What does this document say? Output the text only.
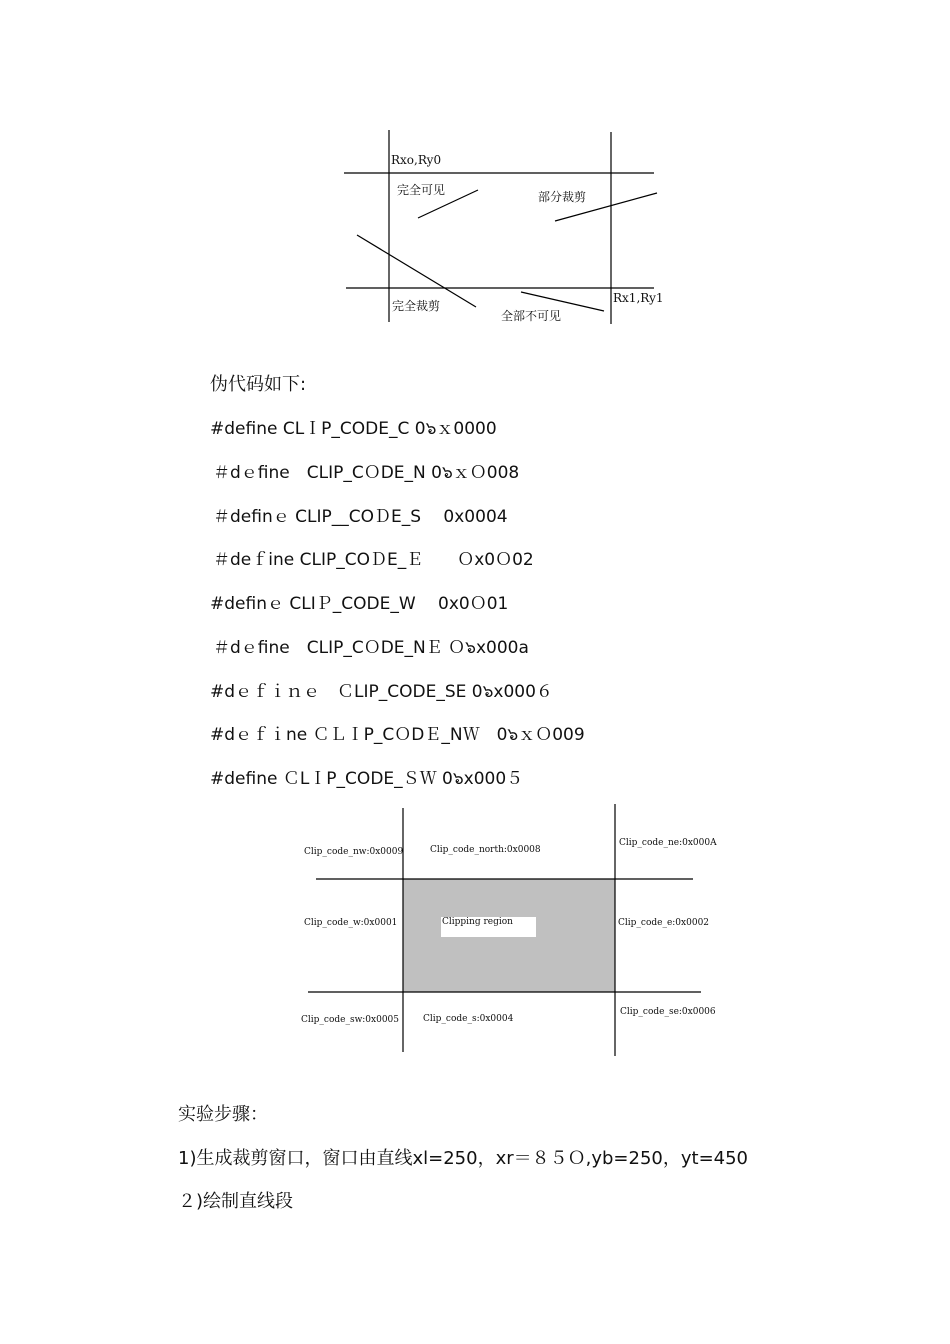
Rxo,Ry0
Rx1,Ry1
完全可见	部分裁剪
完全裁剪
全部不可见
伪代码如下:
#define CLＩP_CODE_C 0๖ｘ0000
＃dｅfine　CLIP_CＯDE_N 0๖ｘＯ008
＃definｅ CLIP__COＤE_S　 0x0004
＃deｆine CLIP_COＤE_Ｅ　　Ｏx0Ｏ02
#definｅ CLIＰ_CODE_W　 0x0Ｏ01
＃dｅfine　CLIP_CＯDE_NＥ Ｏ๖x000a
#dｅｆｉｎｅ　ＣLIP_CODE_SE 0๖x000６
#dｅｆｉne ＣＬＩP_CＯDＥ_NＷ　0๖ｘＯ009
#define ＣLＩP_CODE_ＳＷ 0๖x000５
Clip_code_nw:0x0009	Clip_code_north:0x0008
Clip_code_ne:0x000A
Clip_code_w:0x0001	Clipping region	Clip_code_e:0x0002
Clip_code_sw:0x0005	Clip_code_s:0x0004
Clip_code_se:0x0006
实验步骤：
1)生成裁剪窗口，窗口由直线xl=250，xr＝８５Ｏ,yb=250，yt=450
２)绘制直线段
